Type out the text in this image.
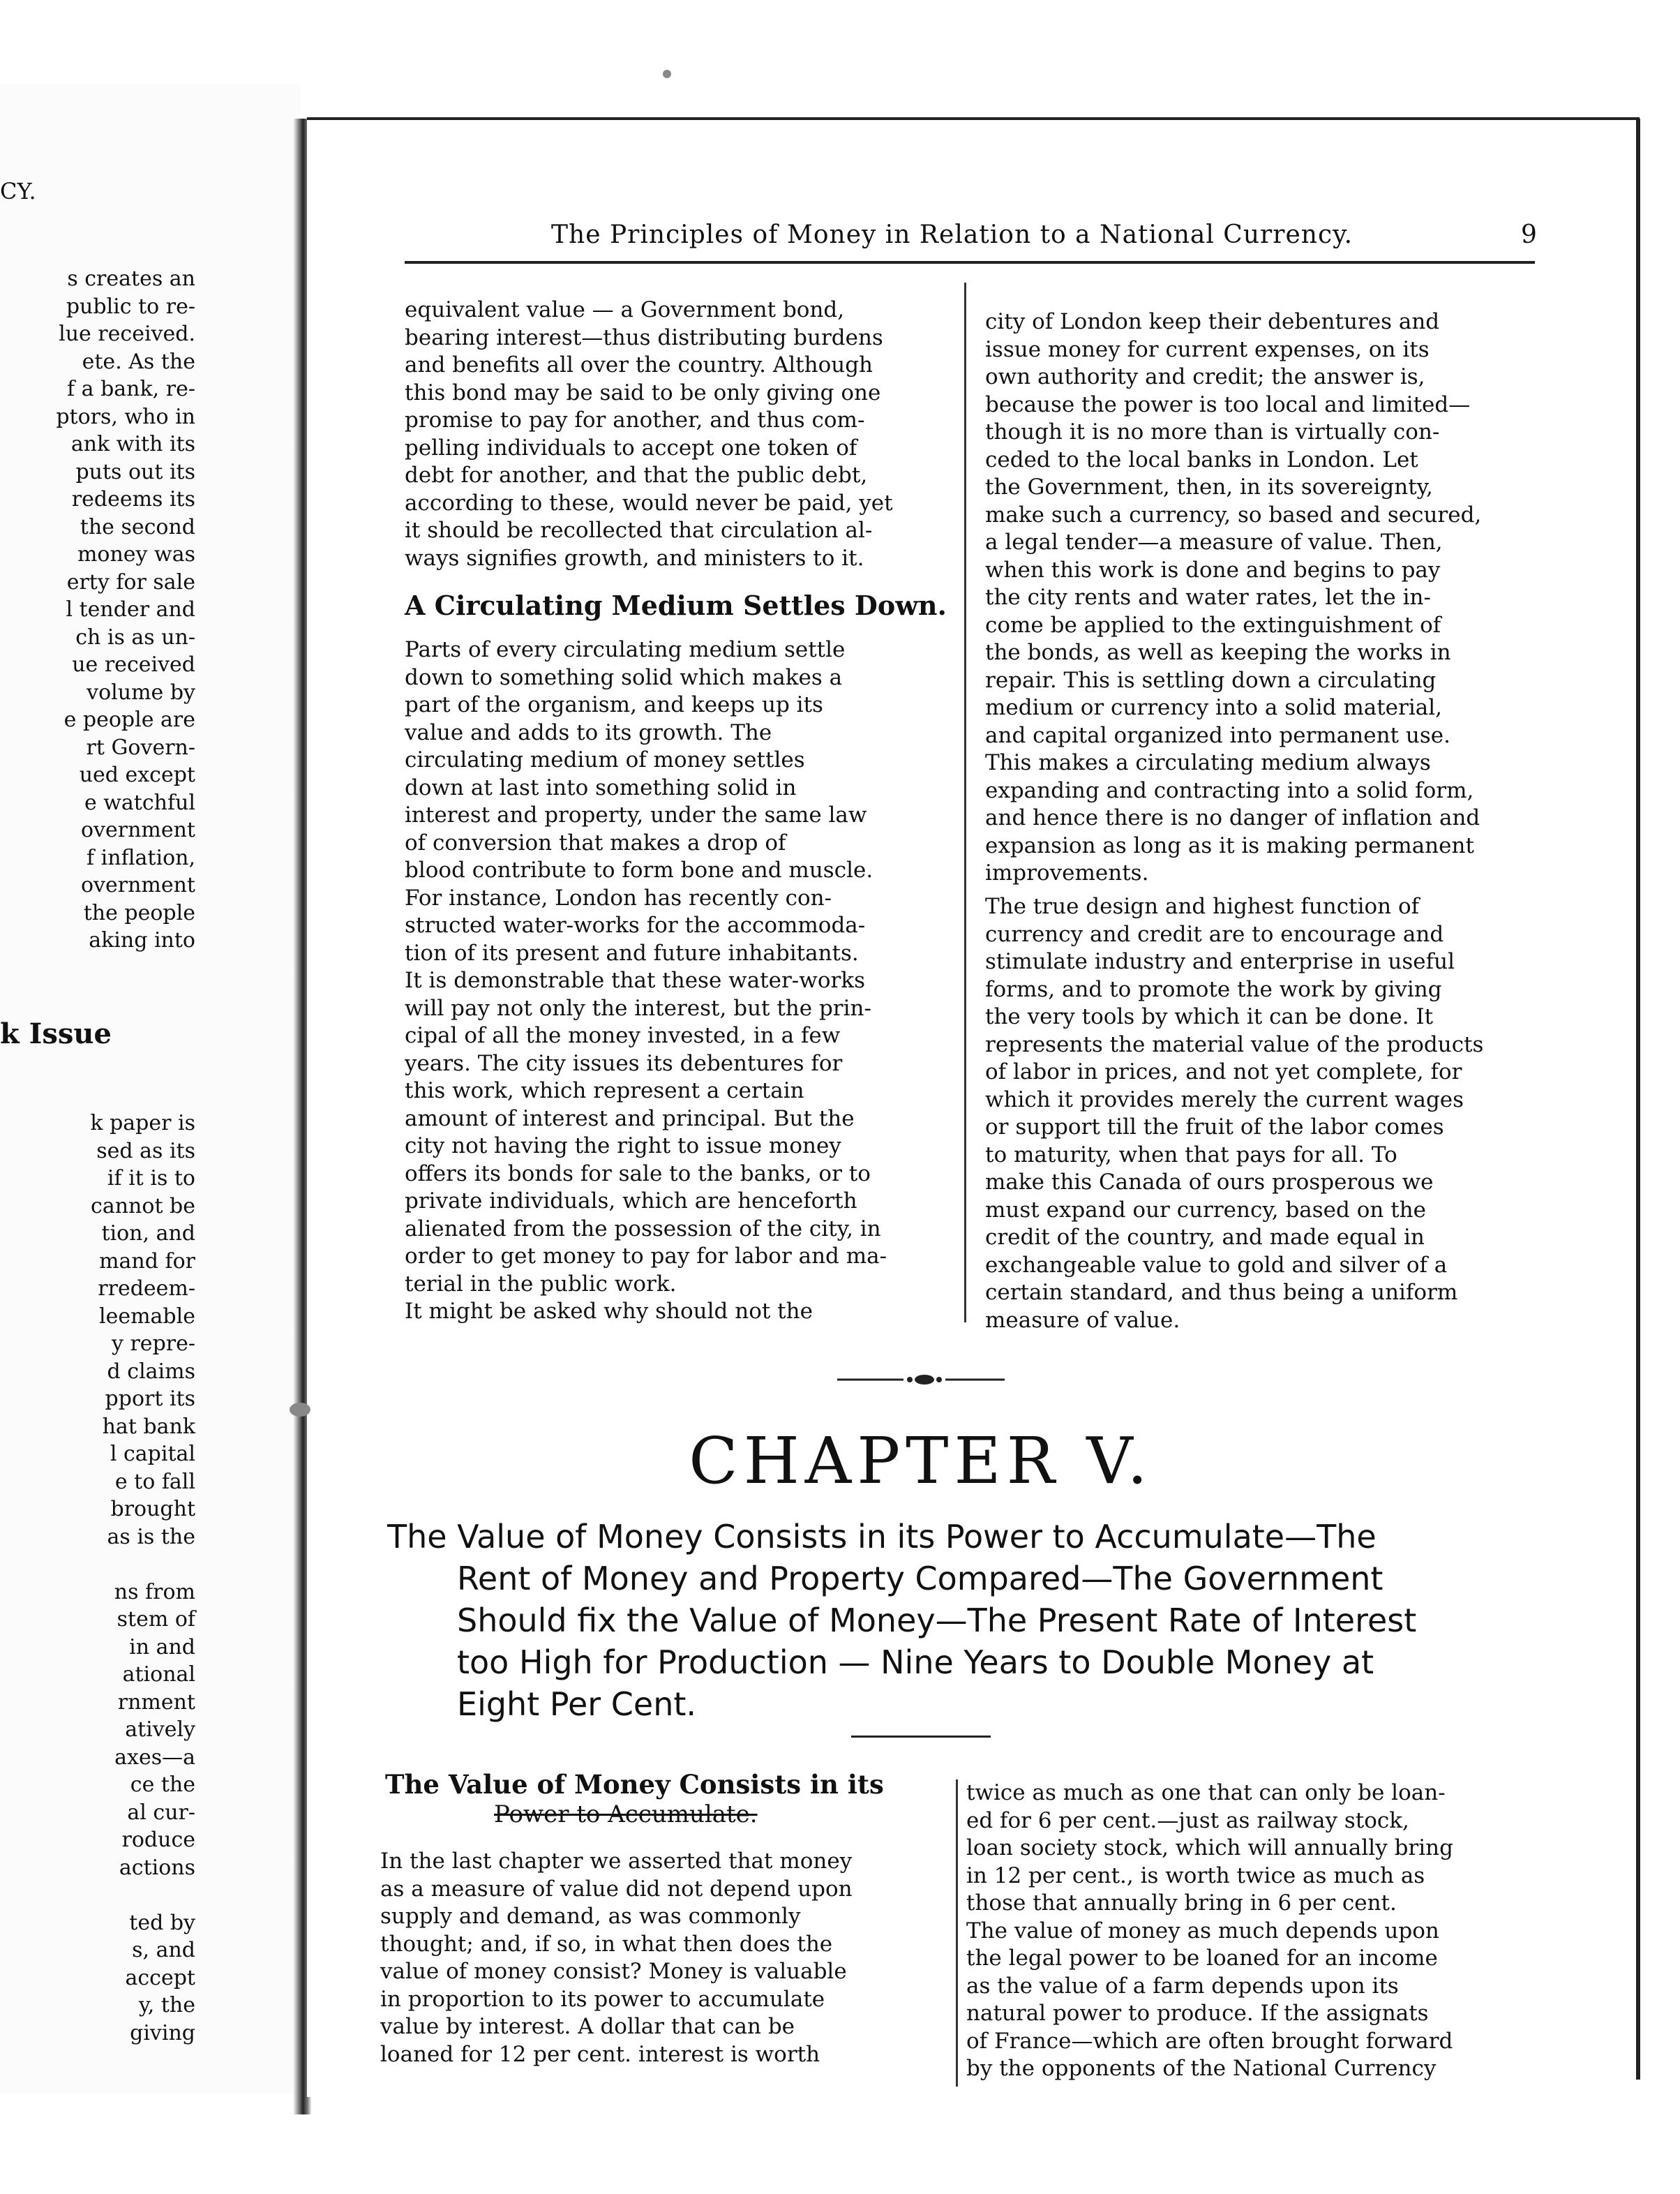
CY.
s creates an
public to re-
lue received.
ete. As the
f a bank, re-
ptors, who in
ank with its
puts out its
redeems its
the second
money was
erty for sale
l tender and
ch is as un-
ue received
volume by
e people are
rt Govern-
ued except
e watchful
overnment
f inflation,
overnment
the people
aking into
k Issue
k paper is
sed as its
if it is to
cannot be
tion, and
mand for
rredeem-
leemable
y repre-
d claims
pport its
hat bank
l capital
e to fall
brought
as is the

ns from
stem of
in and
ational
rnment
atively
axes—a
ce the
al cur-
roduce
actions

ted by
s, and
accept
y, the
giving
The Principles of Money in Relation to a National Currency.	9
equivalent value — a Government bond,
bearing interest—thus distributing burdens
and benefits all over the country. Although
this bond may be said to be only giving one
promise to pay for another, and thus com-
pelling individuals to accept one token of
debt for another, and that the public debt,
according to these, would never be paid, yet
it should be recollected that circulation al-
ways signifies growth, and ministers to it.
A Circulating Medium Settles Down.
Parts of every circulating medium settle
down to something solid which makes a
part of the organism, and keeps up its
value and adds to its growth. The
circulating medium of money settles
down at last into something solid in
interest and property, under the same law
of conversion that makes a drop of
blood contribute to form bone and muscle.
For instance, London has recently con-
structed water-works for the accommoda-
tion of its present and future inhabitants.
It is demonstrable that these water-works
will pay not only the interest, but the prin-
cipal of all the money invested, in a few
years. The city issues its debentures for
this work, which represent a certain
amount of interest and principal. But the
city not having the right to issue money
offers its bonds for sale to the banks, or to
private individuals, which are henceforth
alienated from the possession of the city, in
order to get money to pay for labor and ma-
terial in the public work.
It might be asked why should not the
city of London keep their debentures and
issue money for current expenses, on its
own authority and credit; the answer is,
because the power is too local and limited—
though it is no more than is virtually con-
ceded to the local banks in London. Let
the Government, then, in its sovereignty,
make such a currency, so based and secured,
a legal tender—a measure of value. Then,
when this work is done and begins to pay
the city rents and water rates, let the in-
come be applied to the extinguishment of
the bonds, as well as keeping the works in
repair. This is settling down a circulating
medium or currency into a solid material,
and capital organized into permanent use.
This makes a circulating medium always
expanding and contracting into a solid form,
and hence there is no danger of inflation and
expansion as long as it is making permanent
improvements.
The true design and highest function of
currency and credit are to encourage and
stimulate industry and enterprise in useful
forms, and to promote the work by giving
the very tools by which it can be done. It
represents the material value of the products
of labor in prices, and not yet complete, for
which it provides merely the current wages
or support till the fruit of the labor comes
to maturity, when that pays for all. To
make this Canada of ours prosperous we
must expand our currency, based on the
credit of the country, and made equal in
exchangeable value to gold and silver of a
certain standard, and thus being a uniform
measure of value.
CHAPTER V.
The Value of Money Consists in its Power to Accumulate—The
Rent of Money and Property Compared—The Government
Should fix the Value of Money—The Present Rate of Interest
too High for Production — Nine Years to Double Money at
Eight Per Cent.
The Value of Money Consists in its
Power to Accumulate.
In the last chapter we asserted that money
as a measure of value did not depend upon
supply and demand, as was commonly
thought; and, if so, in what then does the
value of money consist? Money is valuable
in proportion to its power to accumulate
value by interest. A dollar that can be
loaned for 12 per cent. interest is worth
twice as much as one that can only be loan-
ed for 6 per cent.—just as railway stock,
loan society stock, which will annually bring
in 12 per cent., is worth twice as much as
those that annually bring in 6 per cent.
The value of money as much depends upon
the legal power to be loaned for an income
as the value of a farm depends upon its
natural power to produce. If the assignats
of France—which are often brought forward
by the opponents of the National Currency
